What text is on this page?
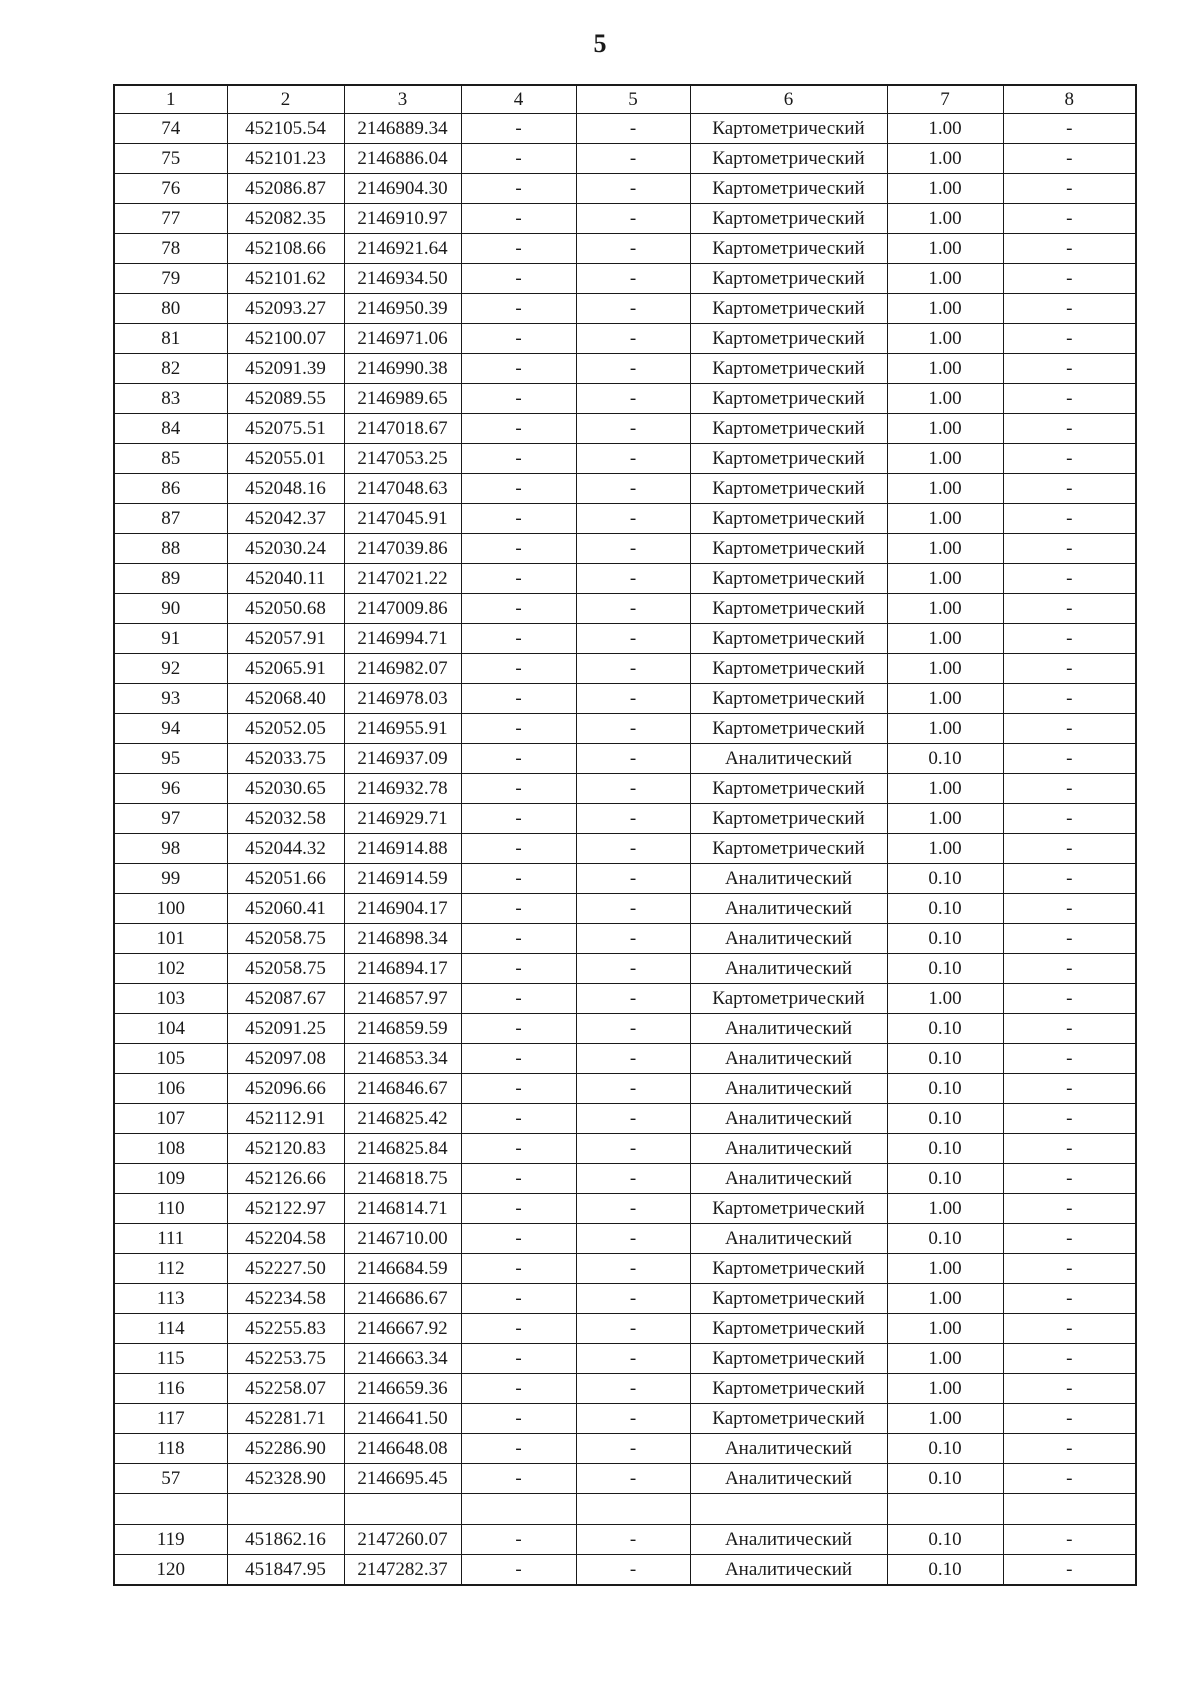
5
1	2	3	4	5	6	7	8
74	452105.54	2146889.34	-	-	Картометрический	1.00	-
75	452101.23	2146886.04	-	-	Картометрический	1.00	-
76	452086.87	2146904.30	-	-	Картометрический	1.00	-
77	452082.35	2146910.97	-	-	Картометрический	1.00	-
78	452108.66	2146921.64	-	-	Картометрический	1.00	-
79	452101.62	2146934.50	-	-	Картометрический	1.00	-
80	452093.27	2146950.39	-	-	Картометрический	1.00	-
81	452100.07	2146971.06	-	-	Картометрический	1.00	-
82	452091.39	2146990.38	-	-	Картометрический	1.00	-
83	452089.55	2146989.65	-	-	Картометрический	1.00	-
84	452075.51	2147018.67	-	-	Картометрический	1.00	-
85	452055.01	2147053.25	-	-	Картометрический	1.00	-
86	452048.16	2147048.63	-	-	Картометрический	1.00	-
87	452042.37	2147045.91	-	-	Картометрический	1.00	-
88	452030.24	2147039.86	-	-	Картометрический	1.00	-
89	452040.11	2147021.22	-	-	Картометрический	1.00	-
90	452050.68	2147009.86	-	-	Картометрический	1.00	-
91	452057.91	2146994.71	-	-	Картометрический	1.00	-
92	452065.91	2146982.07	-	-	Картометрический	1.00	-
93	452068.40	2146978.03	-	-	Картометрический	1.00	-
94	452052.05	2146955.91	-	-	Картометрический	1.00	-
95	452033.75	2146937.09	-	-	Аналитический	0.10	-
96	452030.65	2146932.78	-	-	Картометрический	1.00	-
97	452032.58	2146929.71	-	-	Картометрический	1.00	-
98	452044.32	2146914.88	-	-	Картометрический	1.00	-
99	452051.66	2146914.59	-	-	Аналитический	0.10	-
100	452060.41	2146904.17	-	-	Аналитический	0.10	-
101	452058.75	2146898.34	-	-	Аналитический	0.10	-
102	452058.75	2146894.17	-	-	Аналитический	0.10	-
103	452087.67	2146857.97	-	-	Картометрический	1.00	-
104	452091.25	2146859.59	-	-	Аналитический	0.10	-
105	452097.08	2146853.34	-	-	Аналитический	0.10	-
106	452096.66	2146846.67	-	-	Аналитический	0.10	-
107	452112.91	2146825.42	-	-	Аналитический	0.10	-
108	452120.83	2146825.84	-	-	Аналитический	0.10	-
109	452126.66	2146818.75	-	-	Аналитический	0.10	-
110	452122.97	2146814.71	-	-	Картометрический	1.00	-
111	452204.58	2146710.00	-	-	Аналитический	0.10	-
112	452227.50	2146684.59	-	-	Картометрический	1.00	-
113	452234.58	2146686.67	-	-	Картометрический	1.00	-
114	452255.83	2146667.92	-	-	Картометрический	1.00	-
115	452253.75	2146663.34	-	-	Картометрический	1.00	-
116	452258.07	2146659.36	-	-	Картометрический	1.00	-
117	452281.71	2146641.50	-	-	Картометрический	1.00	-
118	452286.90	2146648.08	-	-	Аналитический	0.10	-
57	452328.90	2146695.45	-	-	Аналитический	0.10	-

119	451862.16	2147260.07	-	-	Аналитический	0.10	-
120	451847.95	2147282.37	-	-	Аналитический	0.10	-
